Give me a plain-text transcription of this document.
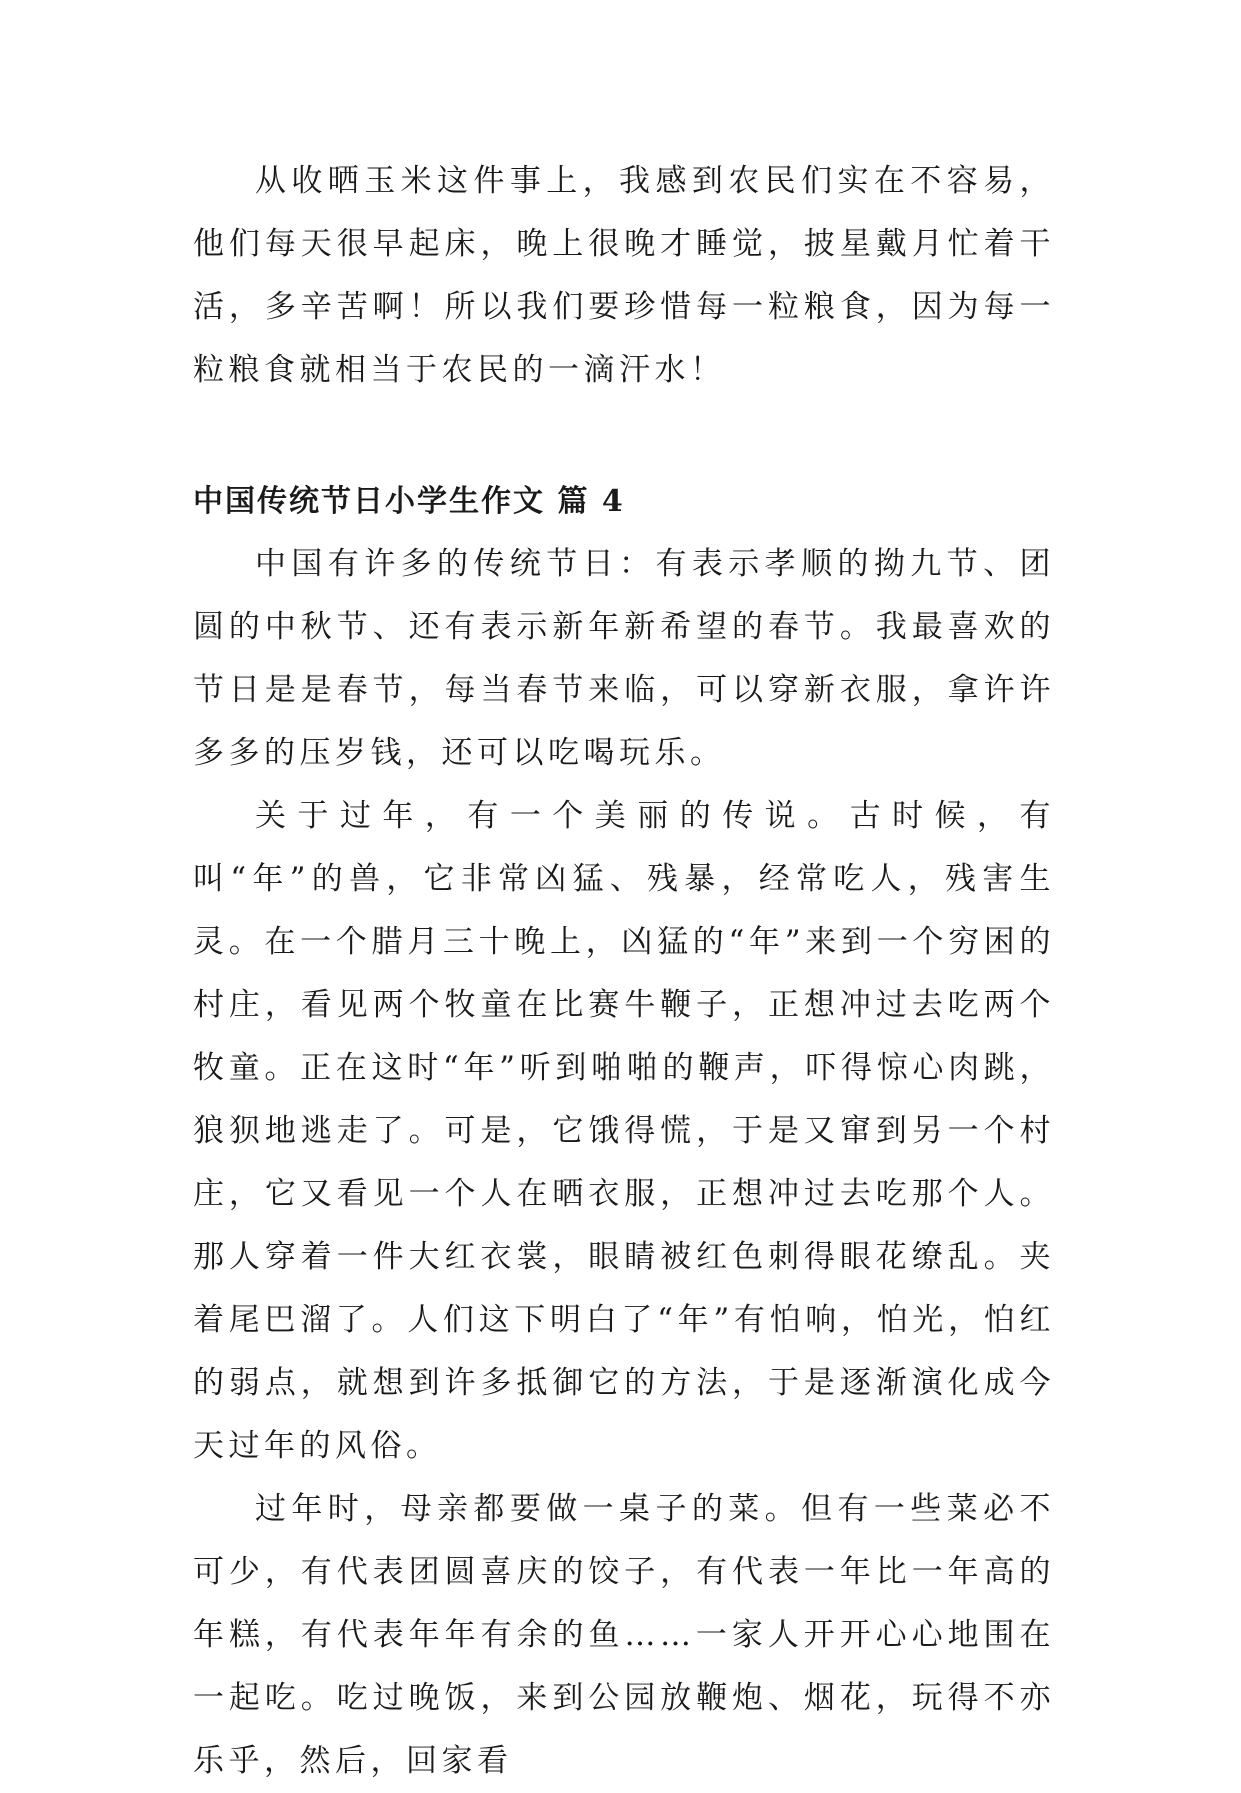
从收晒玉米这件事上，我感到农民们实在不容易，他们每天很早起床，晚上很晚才睡觉，披星戴月忙着干活，多辛苦啊！所以我们要珍惜每一粒粮食，因为每一粒粮食就相当于农民的一滴汗水！

中国传统节日小学生作文 篇 4

中国有许多的传统节日：有表示孝顺的拗九节、团圆的中秋节、还有表示新年新希望的春节。我最喜欢的节日是是春节，每当春节来临，可以穿新衣服，拿许许多多的压岁钱，还可以吃喝玩乐。

关于过年，有一个美丽的传说。古时候，有叫“年”的兽，它非常凶猛、残暴，经常吃人，残害生灵。在一个腊月三十晚上，凶猛的“年”来到一个穷困的村庄，看见两个牧童在比赛牛鞭子，正想冲过去吃两个牧童。正在这时“年”听到啪啪的鞭声，吓得惊心肉跳，狼狈地逃走了。可是，它饿得慌，于是又窜到另一个村庄，它又看见一个人在晒衣服，正想冲过去吃那个人。那人穿着一件大红衣裳，眼睛被红色刺得眼花缭乱。夹着尾巴溜了。人们这下明白了“年”有怕响，怕光，怕红的弱点，就想到许多抵御它的方法，于是逐渐演化成今天过年的风俗。

过年时，母亲都要做一桌子的菜。但有一些菜必不可少，有代表团圆喜庆的饺子，有代表一年比一年高的年糕，有代表年年有余的鱼……一家人开开心心地围在一起吃。吃过晚饭，来到公园放鞭炮、烟花，玩得不亦乐乎，然后，回家看
